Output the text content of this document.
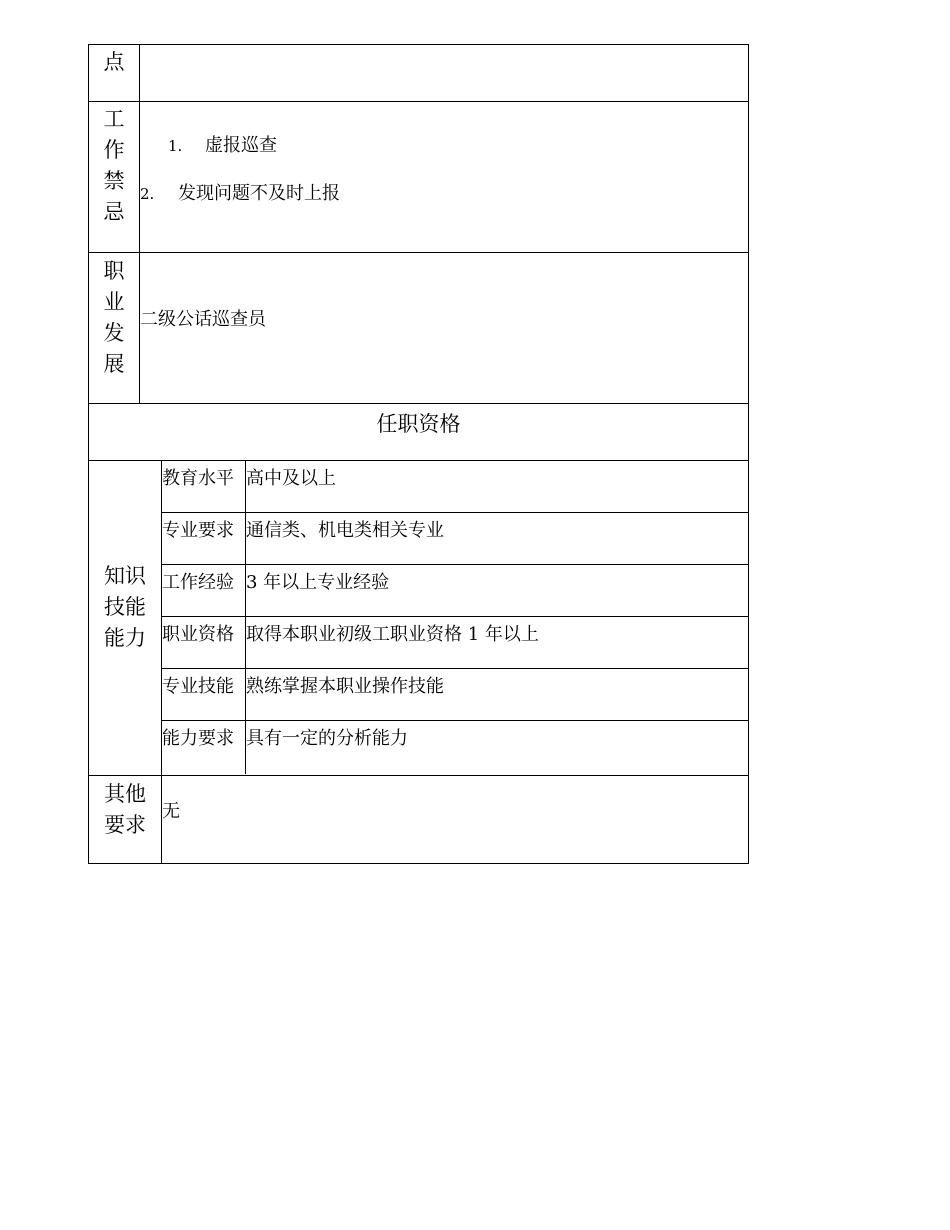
点
工
作
禁
忌
1. 虚报巡查
2. 发现问题不及时上报
职
业
发
展
二级公话巡查员
任职资格
知识
技能
能力
教育水平 高中及以上
专业要求 通信类、机电类相关专业
工作经验 3 年以上专业经验
职业资格 取得本职业初级工职业资格 1 年以上
专业技能 熟练掌握本职业操作技能
能力要求 具有一定的分析能力
其他
要求
无
